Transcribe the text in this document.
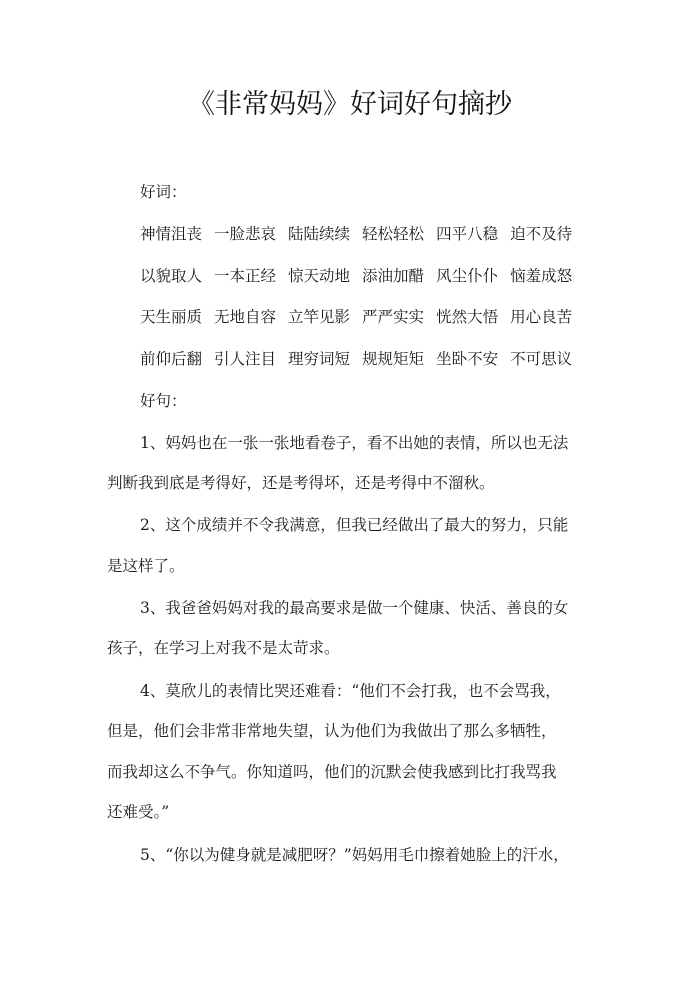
《非常妈妈》好词好句摘抄
好词：
神情沮丧 一脸悲哀 陆陆续续 轻松轻松 四平八稳 迫不及待
以貌取人 一本正经 惊天动地 添油加醋 风尘仆仆 恼羞成怒
天生丽质 无地自容 立竿见影 严严实实 恍然大悟 用心良苦
前仰后翻 引人注目 理穷词短 规规矩矩 坐卧不安 不可思议
好句：
1、妈妈也在一张一张地看卷子，看不出她的表情，所以也无法
判断我到底是考得好，还是考得坏，还是考得中不溜秋。
2、这个成绩并不令我满意，但我已经做出了最大的努力，只能
是这样了。
3、我爸爸妈妈对我的最高要求是做一个健康、快活、善良的女
孩子，在学习上对我不是太苛求。
4、莫欣儿的表情比哭还难看：“他们不会打我，也不会骂我，
但是，他们会非常非常地失望，认为他们为我做出了那么多牺牲，
而我却这么不争气。你知道吗，他们的沉默会使我感到比打我骂我
还难受。”
5、“你以为健身就是减肥呀？”妈妈用毛巾擦着她脸上的汗水，
